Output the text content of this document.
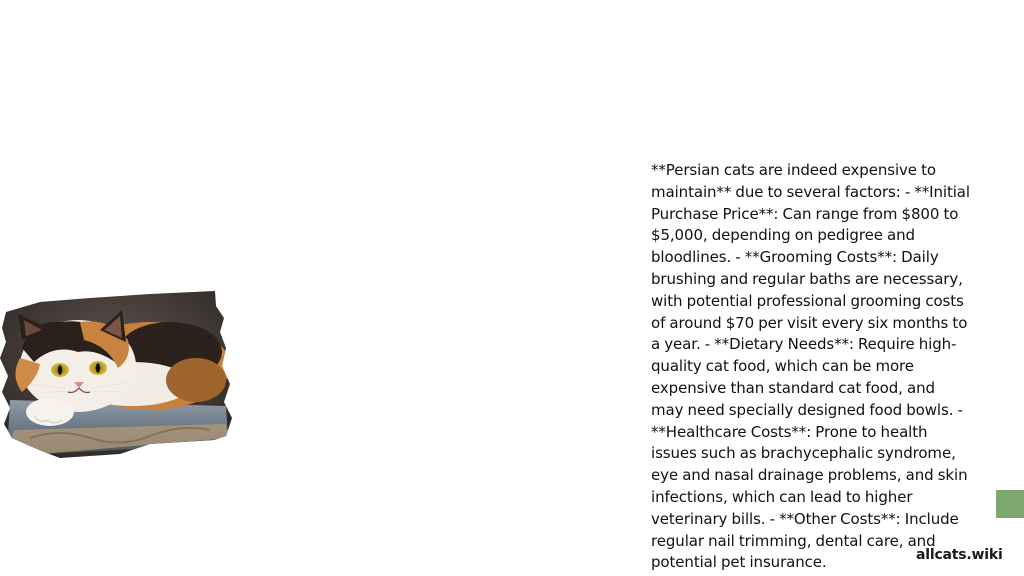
**Persian cats are indeed expensive to maintain** due to several factors: - **Initial Purchase Price**: Can range from $800 to $5,000, depending on pedigree and bloodlines. - **Grooming Costs**: Daily brushing and regular baths are necessary, with potential professional grooming costs of around $70 per visit every six months to a year. - **Dietary Needs**: Require high-quality cat food, which can be more expensive than standard cat food, and may need specially designed food bowls. - **Healthcare Costs**: Prone to health issues such as brachycephalic syndrome, eye and nasal drainage problems, and skin infections, which can lead to higher veterinary bills. - **Other Costs**: Include regular nail trimming, dental care, and potential pet insurance.	allcats.wiki
